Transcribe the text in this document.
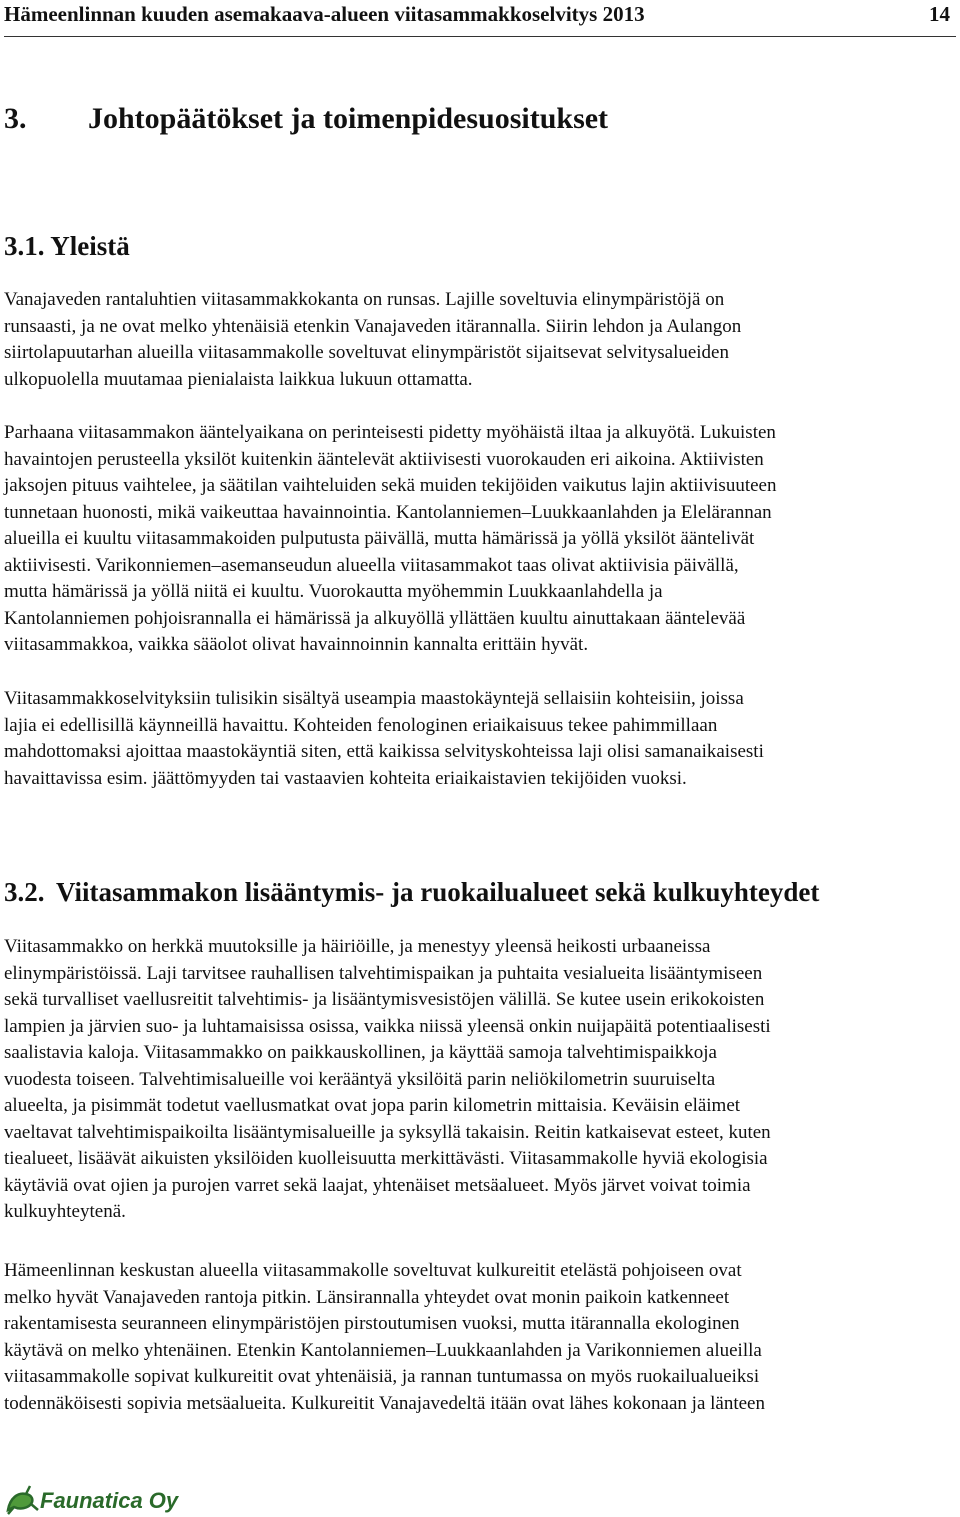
Hämeenlinnan kuuden asemakaava-alueen viitasammakkoselvitys 2013	14
3. Johtopäätökset ja toimenpidesuositukset
3.1. Yleistä
Vanajaveden rantaluhtien viitasammakkokanta on runsas. Lajille soveltuvia elinympäristöjä on
runsaasti, ja ne ovat melko yhtenäisiä etenkin Vanajaveden itärannalla. Siirin lehdon ja Aulangon
siirtolapuutarhan alueilla viitasammakolle soveltuvat elinympäristöt sijaitsevat selvitysalueiden
ulkopuolella muutamaa pienialaista laikkua lukuun ottamatta.
Parhaana viitasammakon ääntelyaikana on perinteisesti pidetty myöhäistä iltaa ja alkuyötä. Lukuisten
havaintojen perusteella yksilöt kuitenkin ääntelevät aktiivisesti vuorokauden eri aikoina. Aktiivisten
jaksojen pituus vaihtelee, ja säätilan vaihteluiden sekä muiden tekijöiden vaikutus lajin aktiivisuuteen
tunnetaan huonosti, mikä vaikeuttaa havainnointia. Kantolanniemen–Luukkaanlahden ja Elelärannan
alueilla ei kuultu viitasammakoiden pulputusta päivällä, mutta hämärissä ja yöllä yksilöt ääntelivät
aktiivisesti. Varikonniemen–asemanseudun alueella viitasammakot taas olivat aktiivisia päivällä,
mutta hämärissä ja yöllä niitä ei kuultu. Vuorokautta myöhemmin Luukkaanlahdella ja
Kantolanniemen pohjoisrannalla ei hämärissä ja alkuyöllä yllättäen kuultu ainuttakaan ääntelevää
viitasammakkoa, vaikka sääolot olivat havainnoinnin kannalta erittäin hyvät.
Viitasammakkoselvityksiin tulisikin sisältyä useampia maastokäyntejä sellaisiin kohteisiin, joissa
lajia ei edellisillä käynneillä havaittu. Kohteiden fenologinen eriaikaisuus tekee pahimmillaan
mahdottomaksi ajoittaa maastokäyntiä siten, että kaikissa selvityskohteissa laji olisi samanaikaisesti
havaittavissa esim. jäättömyyden tai vastaavien kohteita eriaikaistavien tekijöiden vuoksi.
3.2. Viitasammakon lisääntymis- ja ruokailualueet sekä kulkuyhteydet
Viitasammakko on herkkä muutoksille ja häiriöille, ja menestyy yleensä heikosti urbaaneissa
elinympäristöissä. Laji tarvitsee rauhallisen talvehtimispaikan ja puhtaita vesialueita lisääntymiseen
sekä turvalliset vaellusreitit talvehtimis- ja lisääntymisvesistöjen välillä. Se kutee usein erikokoisten
lampien ja järvien suo- ja luhtamaisissa osissa, vaikka niissä yleensä onkin nuijapäitä potentiaalisesti
saalistavia kaloja. Viitasammakko on paikkauskollinen, ja käyttää samoja talvehtimispaikkoja
vuodesta toiseen. Talvehtimisalueille voi kerääntyä yksilöitä parin neliökilometrin suuruiselta
alueelta, ja pisimmät todetut vaellusmatkat ovat jopa parin kilometrin mittaisia. Keväisin eläimet
vaeltavat talvehtimispaikoilta lisääntymisalueille ja syksyllä takaisin. Reitin katkaisevat esteet, kuten
tiealueet, lisäävät aikuisten yksilöiden kuolleisuutta merkittävästi. Viitasammakolle hyviä ekologisia
käytäviä ovat ojien ja purojen varret sekä laajat, yhtenäiset metsäalueet. Myös järvet voivat toimia
kulkuyhteytenä.
Hämeenlinnan keskustan alueella viitasammakolle soveltuvat kulkureitit etelästä pohjoiseen ovat
melko hyvät Vanajaveden rantoja pitkin. Länsirannalla yhteydet ovat monin paikoin katkenneet
rakentamisesta seuranneen elinympäristöjen pirstoutumisen vuoksi, mutta itärannalla ekologinen
käytävä on melko yhtenäinen. Etenkin Kantolanniemen–Luukkaanlahden ja Varikonniemen alueilla
viitasammakolle sopivat kulkureitit ovat yhtenäisiä, ja rannan tuntumassa on myös ruokailualueiksi
todennäköisesti sopivia metsäalueita. Kulkureitit Vanajavedeltä itään ovat lähes kokonaan ja länteen
Faunatica Oy
